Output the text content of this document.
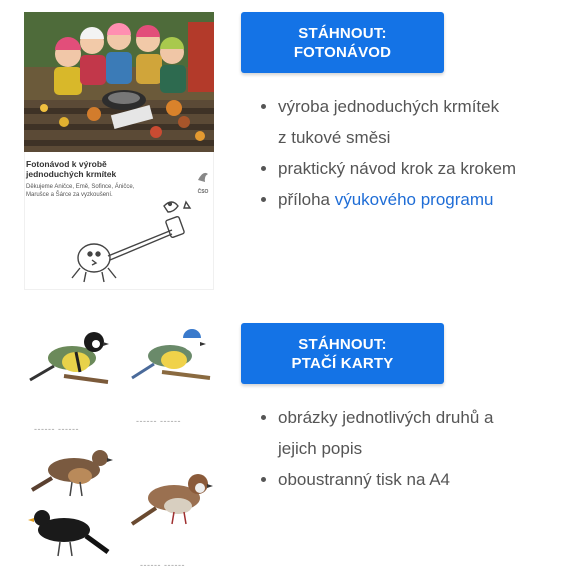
Fotonávod k výrobě
jednoduchých krmítek
Děkujeme Aničce, Emě, Sofince, Áničce,
Marušce a Šárce za vyzkoušení.	ČSO
STÁHNOUT:
FOTONÁVOD
• výroba jednoduchých krmítek
z tukové směsi
• praktický návod krok za krokem
• příloha výukového programu
------ ------
------ ------
------ ------
STÁHNOUT:
PTAČÍ KARTY
• obrázky jednotlivých druhů a
jejich popis
• oboustranný tisk na A4
